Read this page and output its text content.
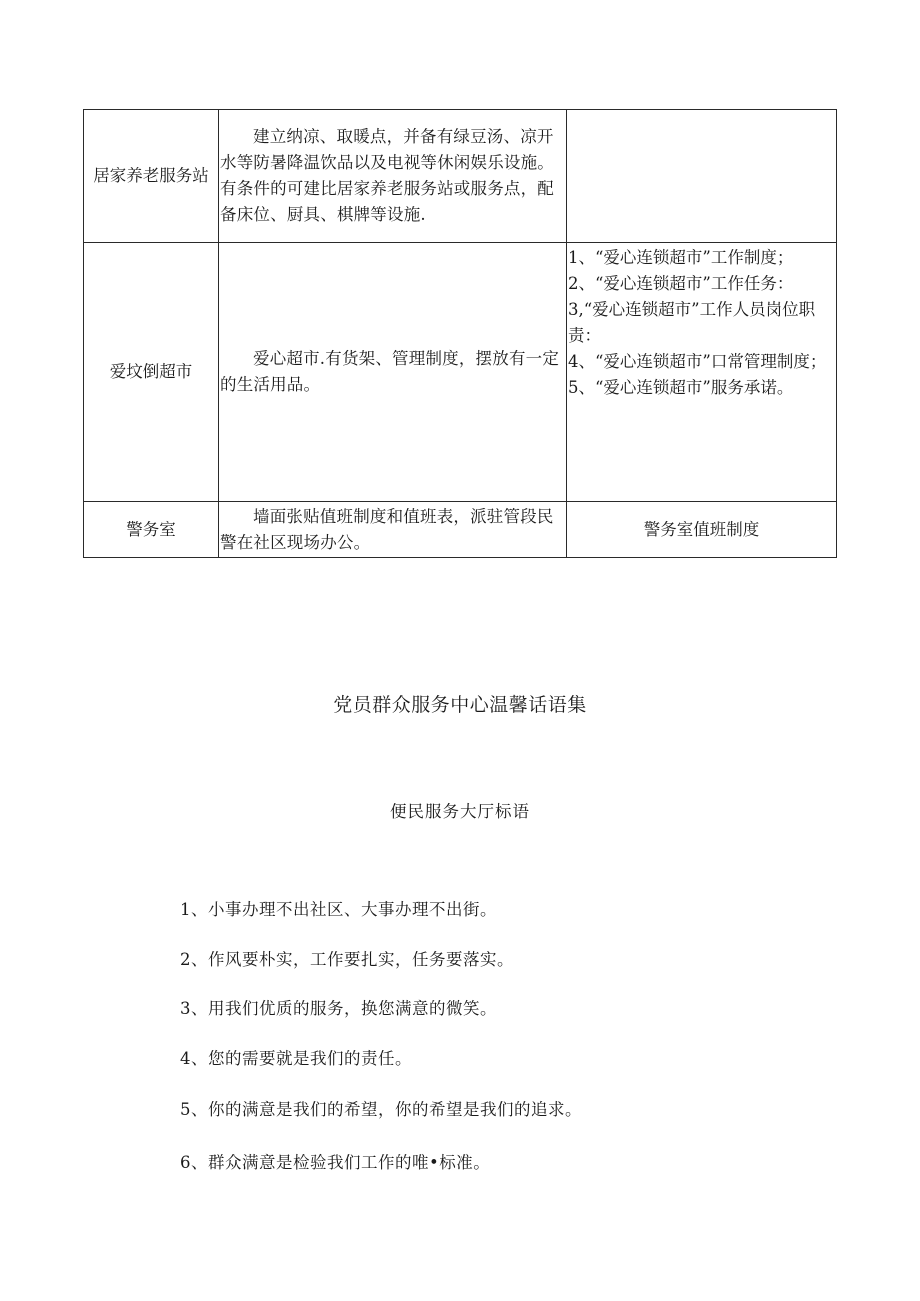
居家养老服务站	建立纳凉、取暖点，并备有绿豆汤、凉开水等防暑降温饮品以及电视等休闲娱乐设施。有条件的可建比居家养老服务站或服务点，配备床位、厨具、棋牌等设施.	

爱坟倒超市	爱心超市.有货架、管理制度，摆放有一定的生活用品。	1、“爱心连锁超市”工作制度；
2、“爱心连锁超市”工作任务：
3,“爱心连锁超市”工作人员岗位职责：
4、“爱心连锁超市”口常管理制度；
5、“爱心连锁超市”服务承诺。

警务室	墙面张贴值班制度和值班表，派驻管段民警在社区现场办公。	警务室值班制度
党员群众服务中心温馨话语集
便民服务大厅标语
1、小事办理不出社区、大事办理不出街。
2、作风要朴实，工作要扎实，任务要落实。
3、用我们优质的服务，换您满意的微笑。
4、您的需要就是我们的责任。
5、你的满意是我们的希望，你的希望是我们的追求。
6、群众满意是检验我们工作的唯•标准。
